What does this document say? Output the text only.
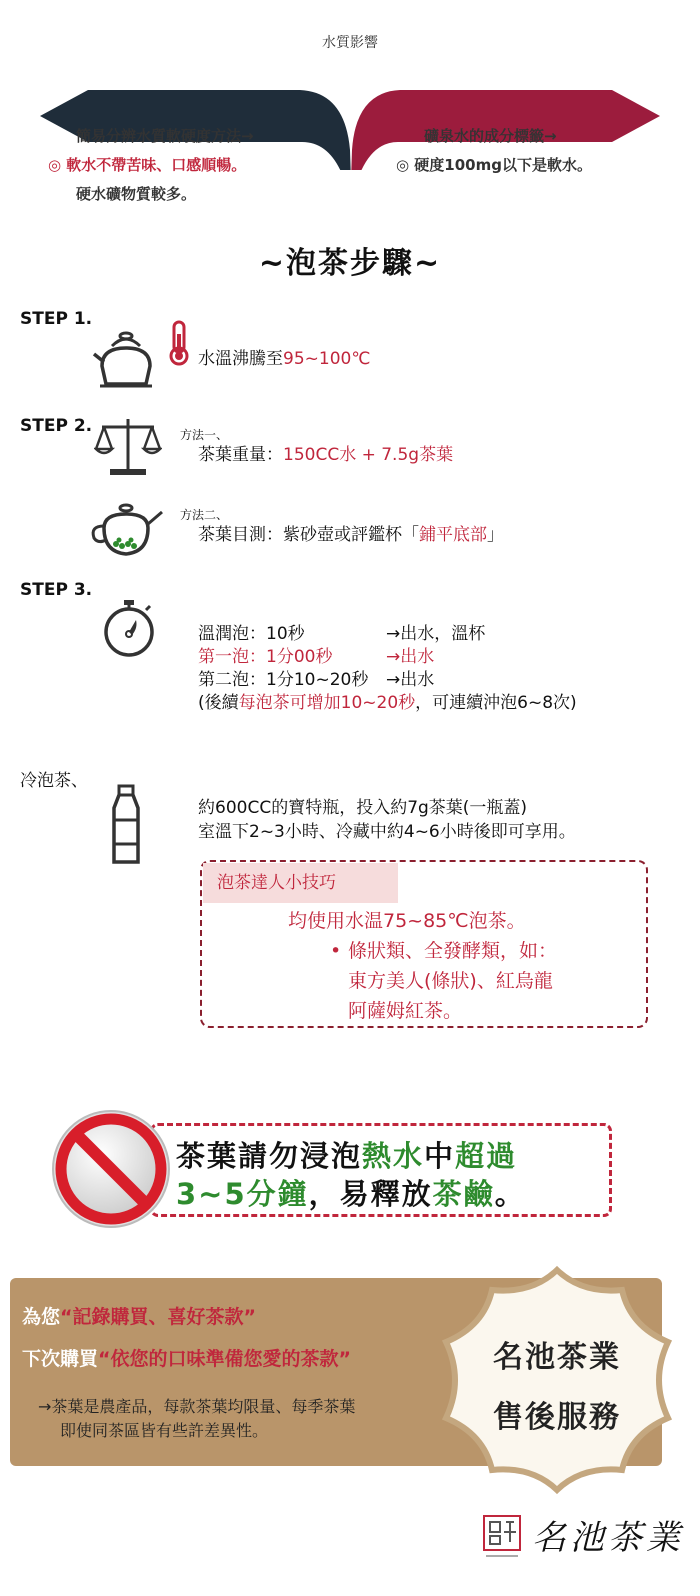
水質影響
硬水：不易釋放兒茶素	軟水：易釋放兒茶素
簡易分辨水質軟硬度方法→
◎ 軟水不帶苦味、口感順暢。
硬水礦物質較多。
礦泉水的成分標籤→
◎ 硬度100mg以下是軟水。
~泡茶步驟~
STEP 1.
水溫沸騰至95~100℃
STEP 2.	方法一、
茶葉重量：150CC水 + 7.5g茶葉
方法二、
茶葉目測：紫砂壺或評鑑杯「鋪平底部」
STEP 3.
溫潤泡：10秒	→出水，溫杯
第一泡：1分00秒	→出水
第二泡：1分10~20秒 →出水
(後續每泡茶可增加10~20秒，可連續沖泡6~8次)
冷泡茶、
約600CC的寶特瓶，投入約7g茶葉(一瓶蓋)
室溫下2~3小時、冷藏中約4~6小時後即可享用。
泡茶達人小技巧
均使用水温75~85℃泡茶。
• 條狀類、全發酵類，如：
東方美人(條狀)、紅烏龍
阿薩姆紅茶。
茶葉請勿浸泡熱水中超過
3~5分鐘，易釋放茶鹼。
為您“記錄購買、喜好茶款”
下次購買“依您的口味準備您愛的茶款”
→茶葉是農產品，每款茶葉均限量、每季茶葉
即使同茶區皆有些許差異性。
名池茶業
售後服務
名池茶業
